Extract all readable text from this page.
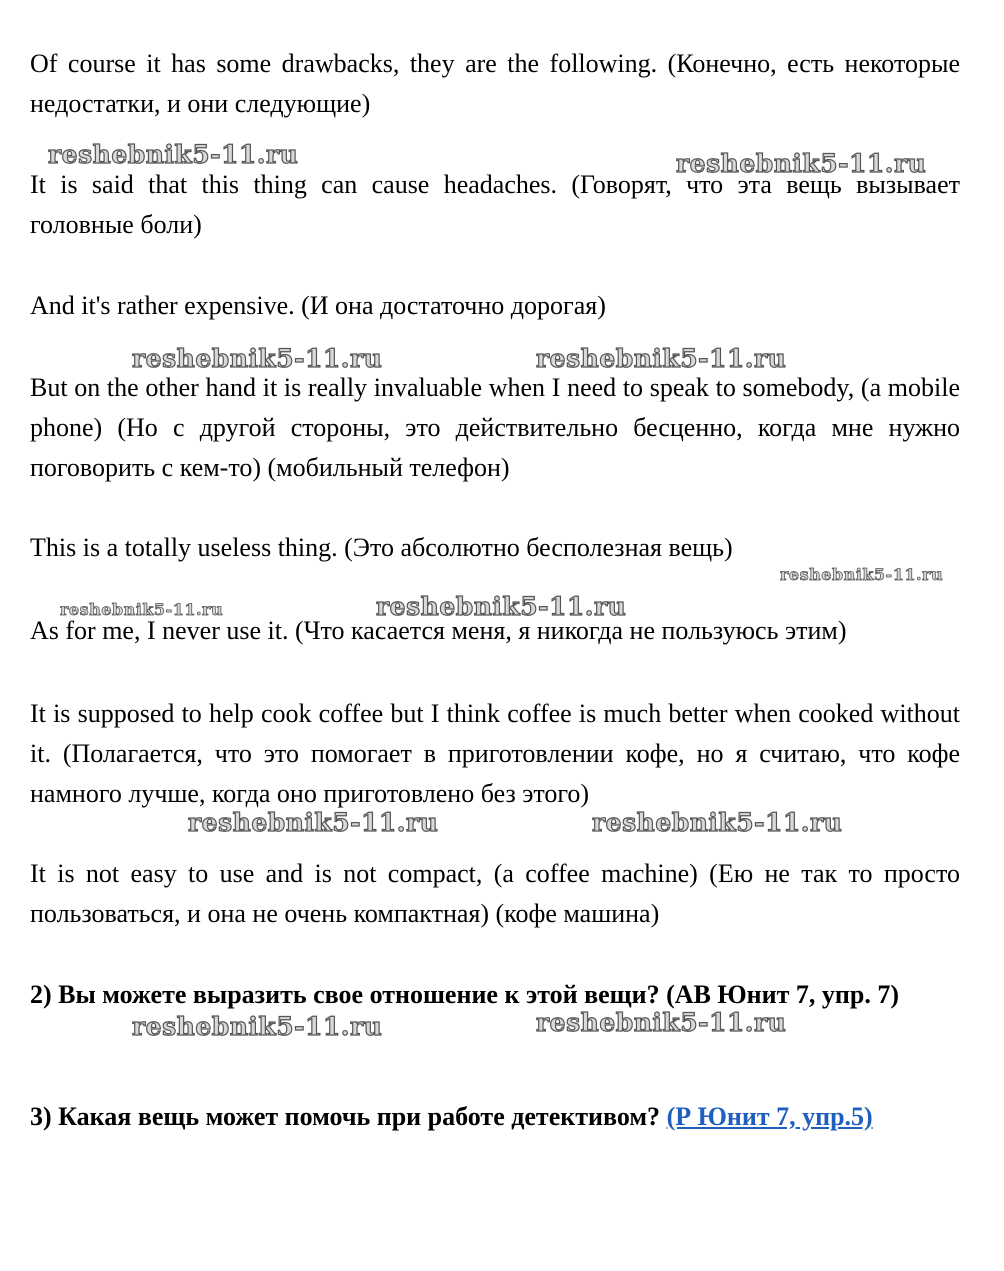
Of course it has some drawbacks, they are the following. (Конечно, есть некоторые недостатки, и они следующие)

It is said that this thing can cause headaches. (Говорят, что эта вещь вызывает головные боли)

And it's rather expensive. (И она достаточно дорогая)

But on the other hand it is really invaluable when I need to speak to somebody, (a mobile phone) (Но с другой стороны, это действительно бесценно, когда мне нужно поговорить с кем-то) (мобильный телефон)

This is a totally useless thing. (Это абсолютно бесполезная вещь)

As for me, I never use it. (Что касается меня, я никогда не пользуюсь этим)

It is supposed to help cook coffee but I think coffee is much better when cooked without it. (Полагается, что это помогает в приготовлении кофе, но я считаю, что кофе намного лучше, когда оно приготовлено без этого)

It is not easy to use and is not compact, (a coffee machine) (Ею не так то просто пользоваться, и она не очень компактная) (кофе машина)

2) Вы можете выразить свое отношение к этой вещи? (АВ Юнит 7, упр. 7)

3) Какая вещь может помочь при работе детективом? (Р Юнит 7, упр.5)

reshebnik5-11.ru	reshebnik5-11.ru
reshebnik5-11.ru	reshebnik5-11.ru
reshebnik5-11.ru
reshebnik5-11.ru	reshebnik5-11.ru
reshebnik5-11.ru	reshebnik5-11.ru
reshebnik5-11.ru	reshebnik5-11.ru
